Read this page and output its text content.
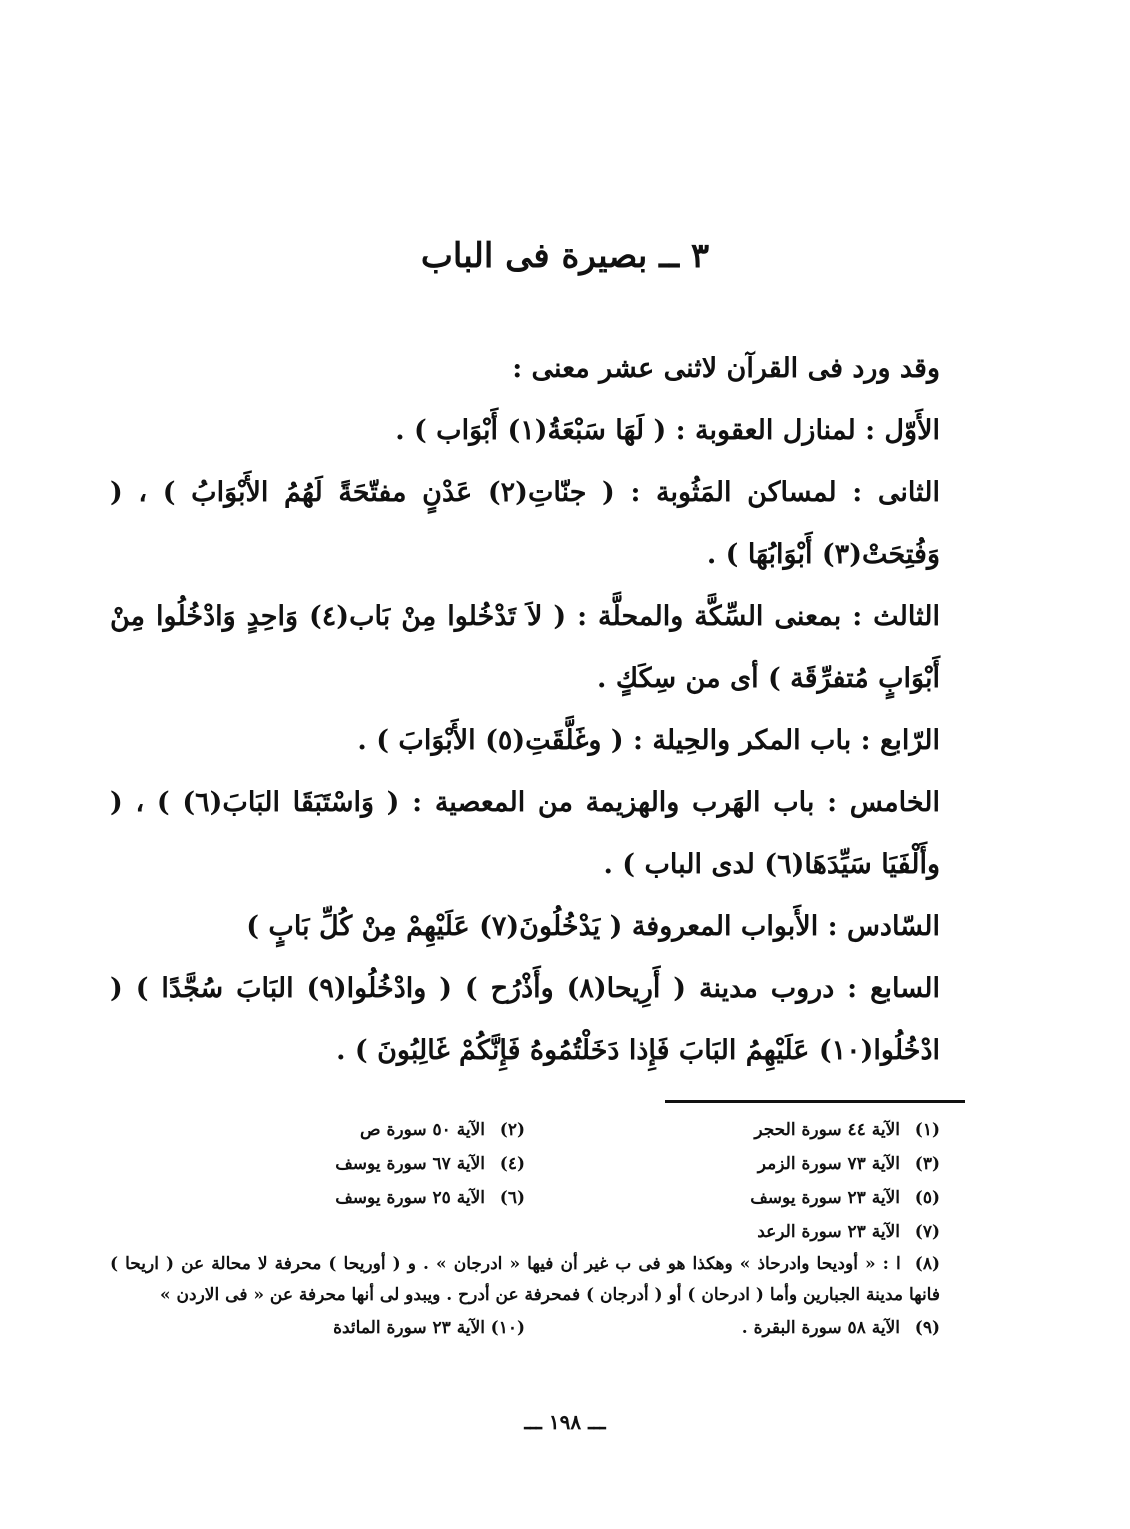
٣ ــ بصيرة فى الباب

وقد ورد فى القرآن لاثنى عشر معنى :

الأَوّل : لمنازل العقوبة : ( لَهَا سَبْعَةُ(١) أَبْوَاب ) .

الثانى : لمساكن المَثُوبة : ( جنّاتِ(٢) عَدْنٍ مفتّحَةً لَهُمُ الأَبْوَابُ ) ، ( وَفُتِحَتْ(٣) أَبْوَابُهَا ) .

الثالث : بمعنى السِّكَّة والمحلَّة : ( لاَ تَدْخُلوا مِنْ بَاب(٤) وَاحِدٍ وَادْخُلُوا مِنْ أَبْوَابٍ مُتفرِّقَة ) أى من سِكَكٍ .

الرّابع : باب المكر والحِيلة : ( وغَلَّقَتِ(٥) الأَبْوَابَ ) .

الخامس : باب الهَرب والهزيمة من المعصية : ( وَاسْتَبَقَا البَابَ(٦) ) ، ( وأَلْفَيَا سَيِّدَهَا(٦) لدى الباب ) .

السّادس : الأَبواب المعروفة ( يَدْخُلُونَ(٧) عَلَيْهِمْ مِنْ كُلِّ بَابٍ )

السابع : دروب مدينة ( أَرِيحا(٨) وأَذْرُح ) ( وادْخُلُوا(٩) البَابَ سُجَّدًا ) ( ادْخُلُوا(١٠) عَلَيْهِمُ البَابَ فَإِذا دَخَلْتُمُوهُ فَإِنَّكُمْ غَالِبُونَ ) .

(١)
الآية ٤٤ سورة الحجر
(٢)
الآية ٥٠ سورة ص
(٣)
الآية ٧٣ سورة الزمر
(٤)
الآية ٦٧ سورة يوسف
(٥)
الآية ٢٣ سورة يوسف
(٦)
الآية ٢٥ سورة يوسف
(٧)
الآية ٢٣ سورة الرعد

(٨)ا : « أوديحا وادرحاذ » وهكذا هو فى ب غير أن فيها « ادرجان » . و ( أوريحا ) محرفة لا محالة عن ( اريحا ) فانها مدينة الجبارين وأما ( ادرحان ) أو ( أدرجان ) فمحرفة عن أدرح . ويبدو لى أنها محرفة عن « فى الاردن »

(٩)
الآية ٥٨ سورة البقرة .
(١٠)
الآية ٢٣ سورة المائدة
ـــ ١٩٨ ـــ
